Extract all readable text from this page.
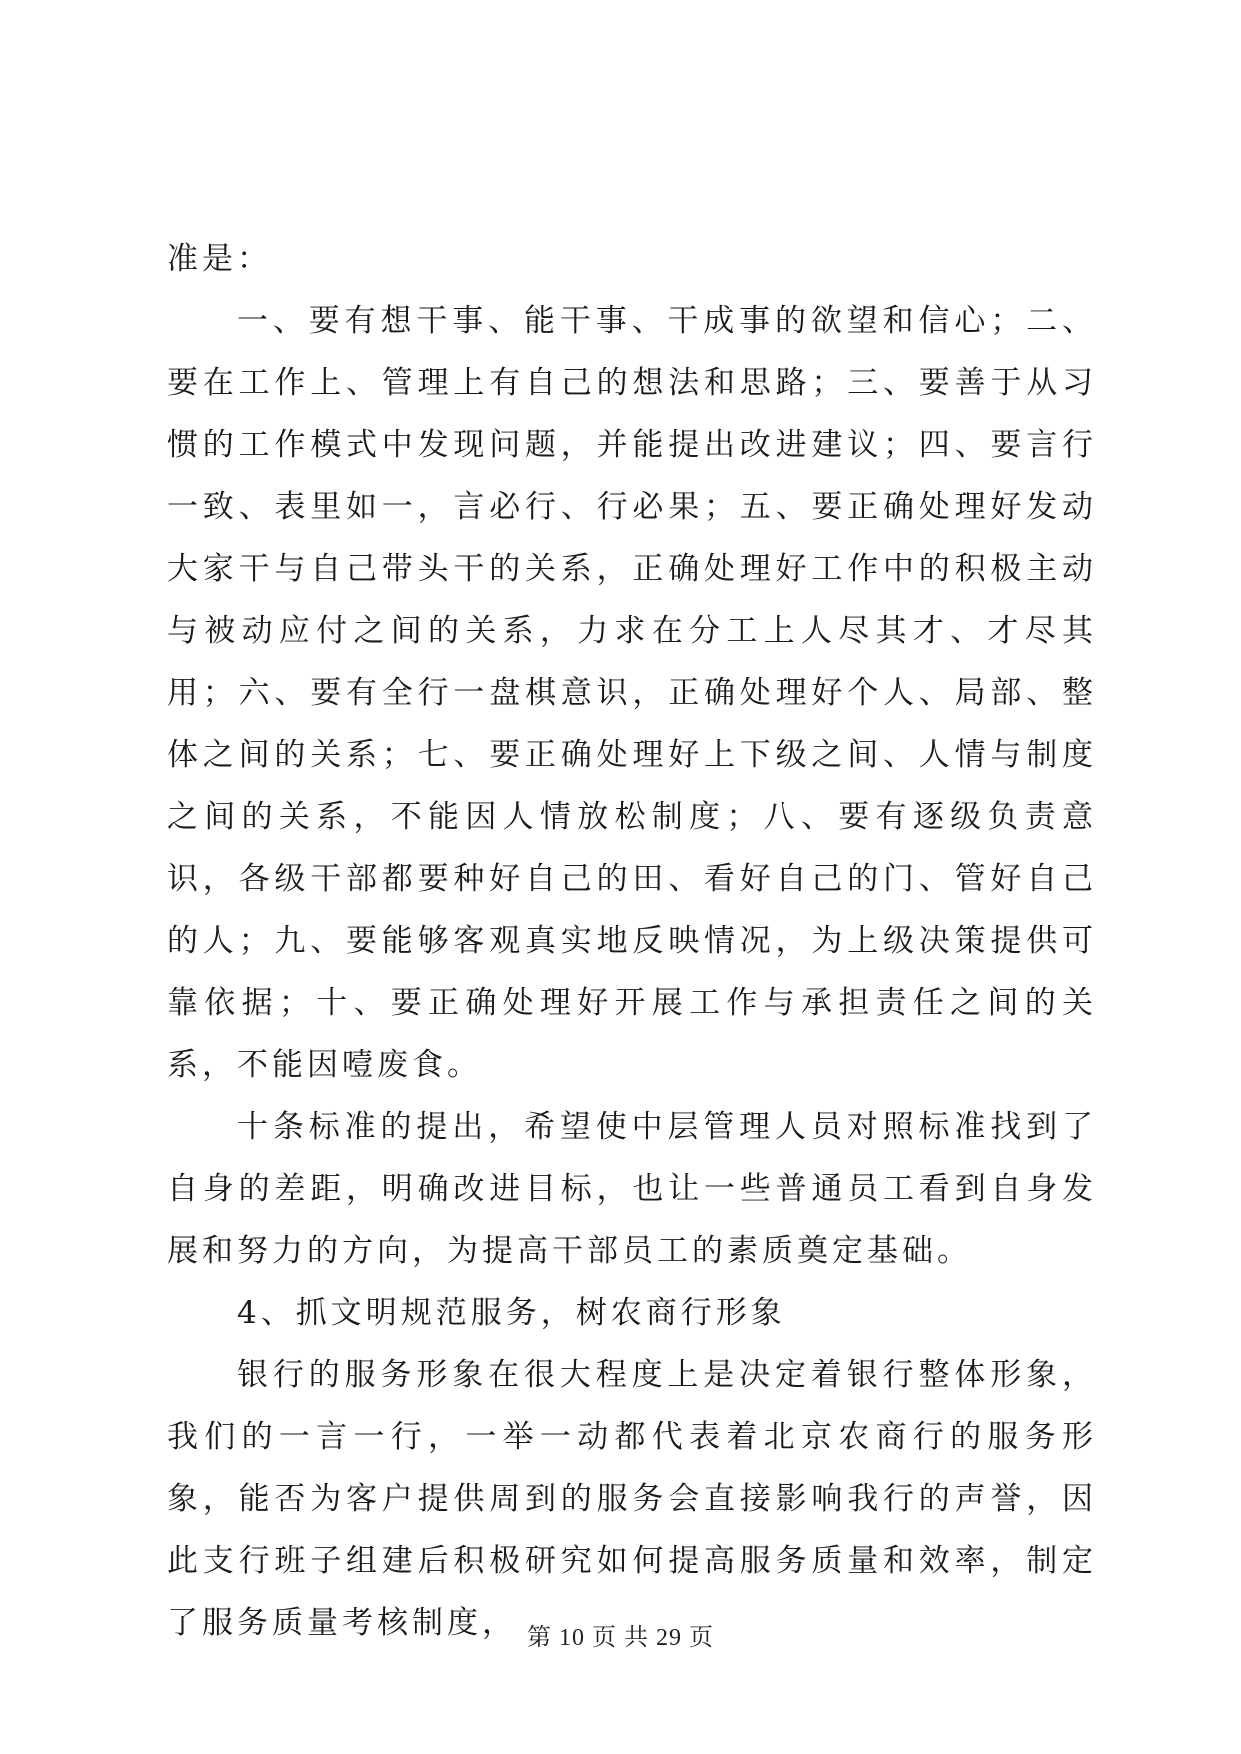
准是：

一、要有想干事、能干事、干成事的欲望和信心；二、要在工作上、管理上有自己的想法和思路；三、要善于从习惯的工作模式中发现问题，并能提出改进建议；四、要言行一致、表里如一，言必行、行必果；五、要正确处理好发动大家干与自己带头干的关系，正确处理好工作中的积极主动与被动应付之间的关系，力求在分工上人尽其才、才尽其用；六、要有全行一盘棋意识，正确处理好个人、局部、整体之间的关系；七、要正确处理好上下级之间、人情与制度之间的关系，不能因人情放松制度；八、要有逐级负责意识，各级干部都要种好自己的田、看好自己的门、管好自己的人；九、要能够客观真实地反映情况，为上级决策提供可靠依据；十、要正确处理好开展工作与承担责任之间的关系，不能因噎废食。

十条标准的提出，希望使中层管理人员对照标准找到了自身的差距，明确改进目标，也让一些普通员工看到自身发展和努力的方向，为提高干部员工的素质奠定基础。

4、抓文明规范服务，树农商行形象

银行的服务形象在很大程度上是决定着银行整体形象，我们的一言一行，一举一动都代表着北京农商行的服务形象，能否为客户提供周到的服务会直接影响我行的声誉，因此支行班子组建后积极研究如何提高服务质量和效率，制定了服务质量考核制度， 第 10 页 共 29 页
